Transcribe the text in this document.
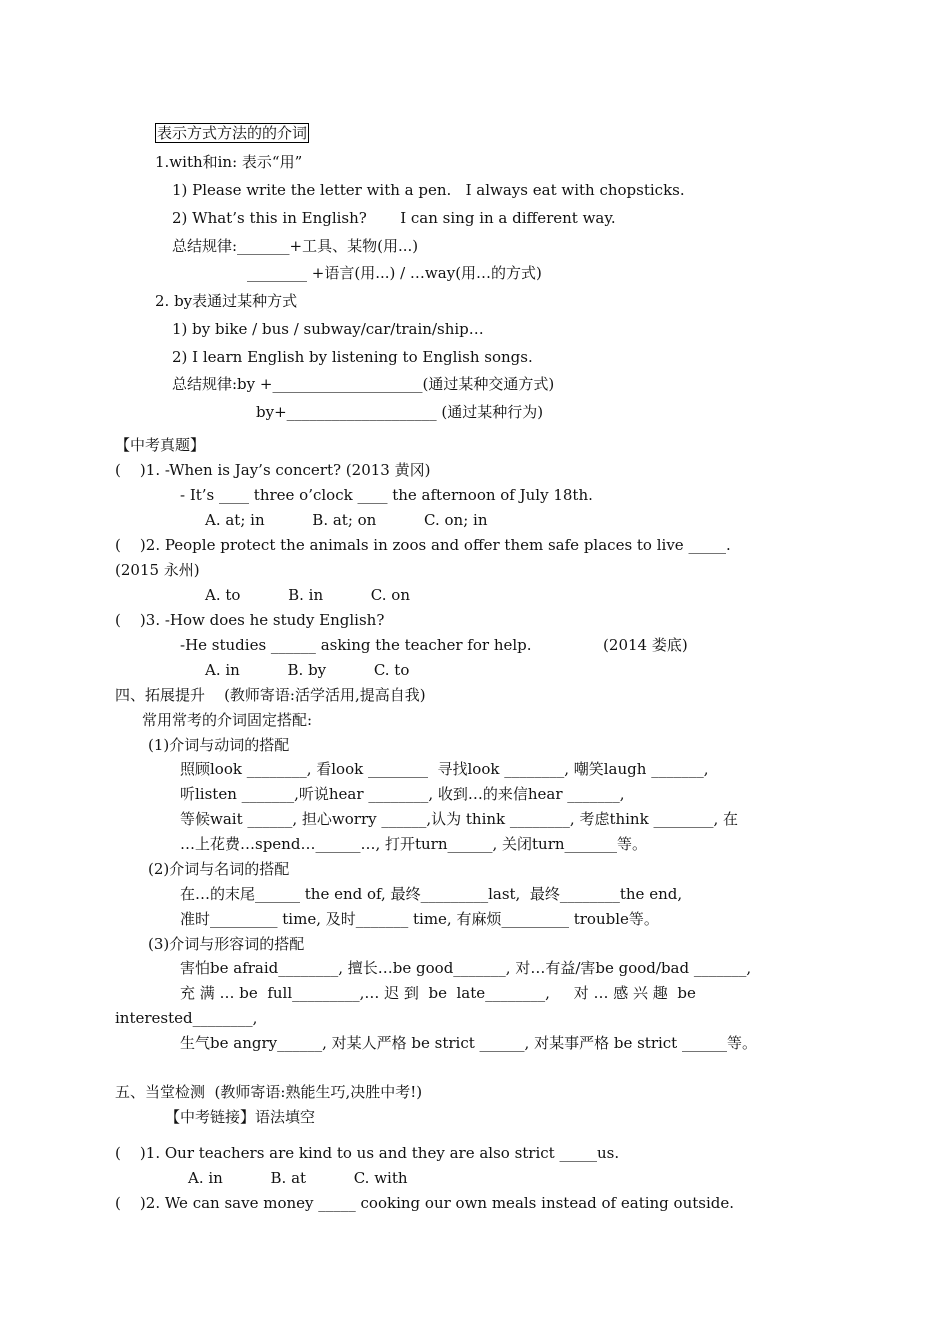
表示方式方法的的介词
1.with和in: 表示“用”
1) Please write the letter with a pen.   I always eat with chopsticks.
2) What’s this in English?       I can sing in a different way.
总结规律:_______+工具、某物(用...)
________ +语言(用...) / …way(用…的方式)
2. by表通过某种方式
1) by bike / bus / subway/car/train/ship…
2) I learn English by listening to English songs.
总结规律:by +____________________(通过某种交通方式)
by+____________________ (通过某种行为)
【中考真题】
(    )1. -When is Jay’s concert? (2013 黄冈)
- It’s ____ three o’clock ____ the afternoon of July 18th.
A. at; in          B. at; on          C. on; in
(    )2. People protect the animals in zoos and offer them safe places to live _____.
(2015 永州)
A. to          B. in          C. on
(    )3. -How does he study English?
-He studies ______ asking the teacher for help.               (2014 娄底)
A. in          B. by          C. to
四、拓展提升    (教师寄语:活学活用,提高自我)
常用常考的介词固定搭配:
(1)介词与动词的搭配
照顾look ________, 看look ________  寻找look ________, 嘲笑laugh _______,
听listen _______,听说hear ________, 收到…的来信hear _______,
等候wait ______, 担心worry ______,认为 think ________, 考虑think ________, 在
…上花费…spend…______…, 打开turn______, 关闭turn_______等。
(2)介词与名词的搭配
在…的末尾______ the end of, 最终_________last,  最终________the end,
准时_________ time, 及时_______ time, 有麻烦_________ trouble等。
(3)介词与形容词的搭配
害怕be afraid________, 擅长…be good_______, 对…有益/害be good/bad _______,
充 满 … be  full_________,… 迟 到  be  late________,     对 … 感 兴 趣  be
interested________,
生气be angry______, 对某人严格 be strict ______, 对某事严格 be strict ______等。
五、当堂检测  (教师寄语:熟能生巧,决胜中考!)
【中考链接】语法填空
(    )1. Our teachers are kind to us and they are also strict _____us.
A. in          B. at          C. with
(    )2. We can save money _____ cooking our own meals instead of eating outside.
